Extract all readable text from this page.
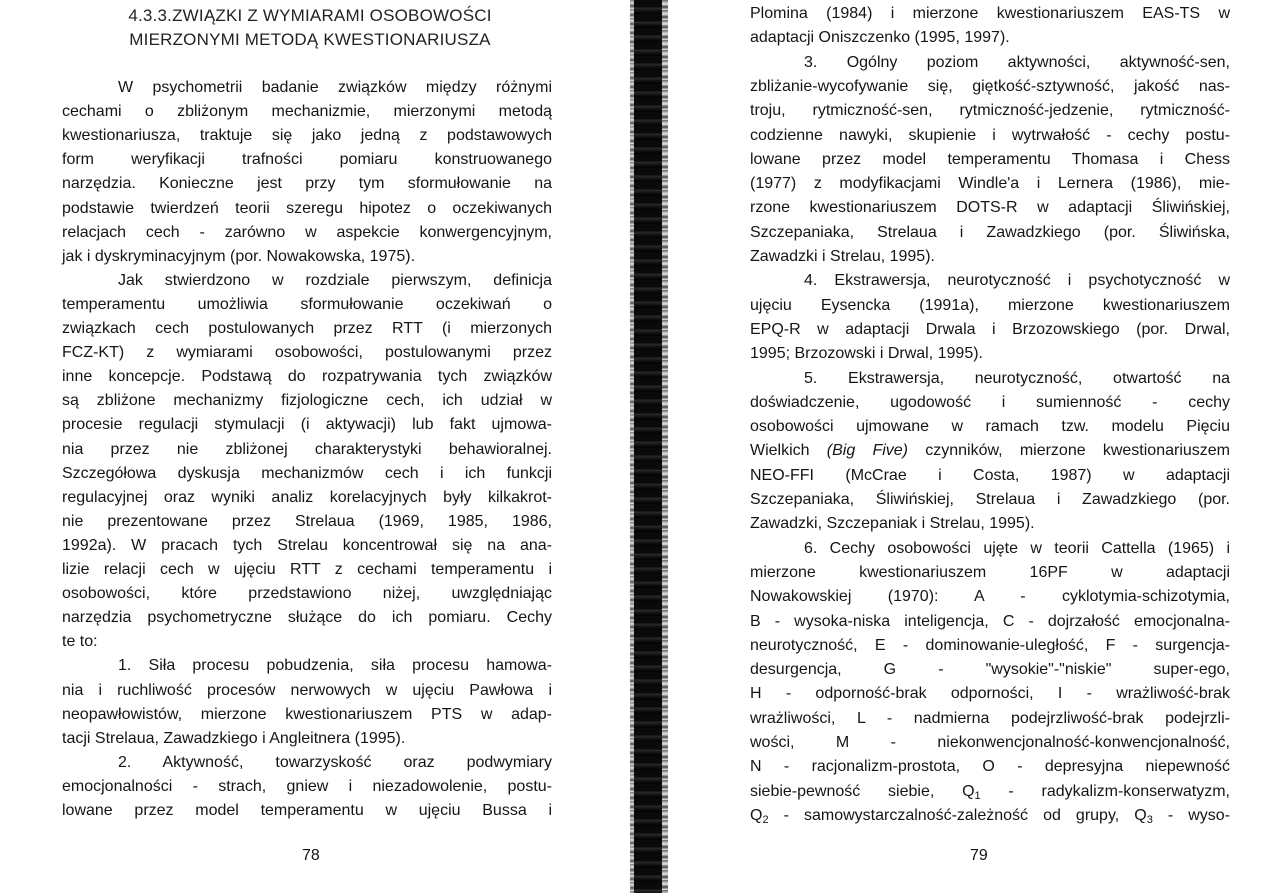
4.3.3.ZWIĄZKI Z WYMIARAMI OSOBOWOŚCI
MIERZONYMI METODĄ KWESTIONARIUSZA
W psychometrii badanie związków między różnymi
cechami o zbliżonym mechanizmie, mierzonymi metodą
kwestionariusza, traktuje się jako jedną z podstawowych
form weryfikacji trafności pomiaru konstruowanego
narzędzia. Konieczne jest przy tym sformułowanie na
podstawie twierdzeń teorii szeregu hipotez o oczekiwanych
relacjach cech - zarówno w aspekcie konwergencyjnym,
jak i dyskryminacyjnym (por. Nowakowska, 1975).
Jak stwierdzono w rozdziale pierwszym, definicja
temperamentu umożliwia sformułowanie oczekiwań o
związkach cech postulowanych przez RTT (i mierzonych
FCZ-KT) z wymiarami osobowości, postulowanymi przez
inne koncepcje. Podstawą do rozpatrywania tych związków
są zbliżone mechanizmy fizjologiczne cech, ich udział w
procesie regulacji stymulacji (i aktywacji) lub fakt ujmowa-
nia przez nie zbliżonej charakterystyki behawioralnej.
Szczegółowa dyskusja mechanizmów cech i ich funkcji
regulacyjnej oraz wyniki analiz korelacyjnych były kilkakrot-
nie prezentowane przez Strelaua (1969, 1985, 1986,
1992a). W pracach tych Strelau koncentrował się na ana-
lizie relacji cech w ujęciu RTT z cechami temperamentu i
osobowości, które przedstawiono niżej, uwzględniając
narzędzia psychometryczne służące do ich pomiaru. Cechy
te to:
1. Siła procesu pobudzenia, siła procesu hamowa-
nia i ruchliwość procesów nerwowych w ujęciu Pawłowa i
neopawłowistów, mierzone kwestionariuszem PTS w adap-
tacji Strelaua, Zawadzkiego i Angleitnera (1995).
2. Aktywność, towarzyskość oraz podwymiary
emocjonalności - strach, gniew i niezadowolenie, postu-
lowane przez model temperamentu w ujęciu Bussa i
78
Plomina (1984) i mierzone kwestionariuszem EAS-TS w
adaptacji Oniszczenko (1995, 1997).
3. Ogólny poziom aktywności, aktywność-sen,
zbliżanie-wycofywanie się, giętkość-sztywność, jakość nas-
troju, rytmiczność-sen, rytmiczność-jedzenie, rytmiczność-
codzienne nawyki, skupienie i wytrwałość - cechy postu-
lowane przez model temperamentu Thomasa i Chess
(1977) z modyfikacjami Windle'a i Lernera (1986), mie-
rzone kwestionariuszem DOTS-R w adaptacji Śliwińskiej,
Szczepaniaka, Strelaua i Zawadzkiego (por. Śliwińska,
Zawadzki i Strelau, 1995).
4. Ekstrawersja, neurotyczność i psychotyczność w
ujęciu Eysencka (1991a), mierzone kwestionariuszem
EPQ-R w adaptacji Drwala i Brzozowskiego (por. Drwal,
1995; Brzozowski i Drwal, 1995).
5. Ekstrawersja, neurotyczność, otwartość na
doświadczenie, ugodowość i sumienność - cechy
osobowości ujmowane w ramach tzw. modelu Pięciu
Wielkich (Big Five) czynników, mierzone kwestionariuszem
NEO-FFI (McCrae i Costa, 1987) w adaptacji
Szczepaniaka, Śliwińskiej, Strelaua i Zawadzkiego (por.
Zawadzki, Szczepaniak i Strelau, 1995).
6. Cechy osobowości ujęte w teorii Cattella (1965) i
mierzone kwestionariuszem 16PF w adaptacji
Nowakowskiej (1970): A - cyklotymia-schizotymia,
B - wysoka-niska inteligencja, C - dojrzałość emocjonalna-
neurotyczność, E - dominowanie-uległość, F - surgencja-
desurgencja, G - "wysokie"-"niskie" super-ego,
H - odporność-brak odporności, I - wrażliwość-brak
wrażliwości, L - nadmierna podejrzliwość-brak podejrzli-
wości, M - niekonwencjonalność-konwencjonalność,
N - racjonalizm-prostota, O - depresyjna niepewność
siebie-pewność siebie, $Q_1$ - radykalizm-konserwatyzm,
$Q_2$ - samowystarczalność-zależność od grupy, $Q_3$ - wyso-
79
